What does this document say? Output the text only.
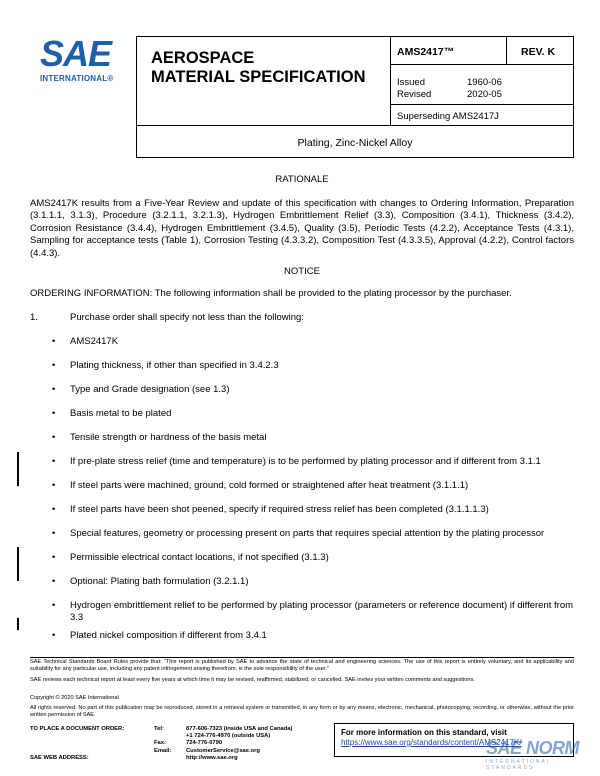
SAE
INTERNATIONAL®
AEROSPACE
MATERIAL SPECIFICATION
AMS2417™	REV. K
Issued	1960-06
Revised	2020-05
Superseding AMS2417J
Plating, Zinc-Nickel Alloy
RATIONALE
AMS2417K results from a Five-Year Review and update of this specification with changes to Ordering Information, Preparation (3.1.1.1, 3.1.3), Procedure (3.2.1.1, 3.2.1.3), Hydrogen Embrittlement Relief (3.3), Composition (3.4.1), Thickness (3.4.2), Corrosion Resistance (3.4.4), Hydrogen Embrittlement (3.4.5), Quality (3.5), Periodic Tests (4.2.2), Acceptance Tests (4.3.1), Sampling for acceptance tests (Table 1), Corrosion Testing (4.3.3.2), Composition Test (4.3.3.5), Approval (4.2.2), Control factors (4.4.3).
NOTICE
ORDERING INFORMATION: The following information shall be provided to the plating processor by the purchaser.
1.	Purchase order shall specify not less than the following:
• AMS2417K
• Plating thickness, if other than specified in 3.4.2.3
• Type and Grade designation (see 1.3)
• Basis metal to be plated
• Tensile strength or hardness of the basis metal
• If pre-plate stress relief (time and temperature) is to be performed by plating processor and if different from 3.1.1
• If steel parts were machined, ground, cold formed or straightened after heat treatment (3.1.1.1)
• If steel parts have been shot peened, specify if required stress relief has been completed (3.1.1.1.3)
• Special features, geometry or processing present on parts that requires special attention by the plating processor
• Permissible electrical contact locations, if not specified (3.1.3)
• Optional: Plating bath formulation (3.2.1.1)
• Hydrogen embrittlement relief to be performed by plating processor (parameters or reference document) if different from 3.3
• Plated nickel composition if different from 3.4.1
SAE Technical Standards Board Rules provide that: “This report is published by SAE to advance the state of technical and engineering sciences. The use of this report is entirely voluntary, and its applicability and suitability for any particular use, including any patent infringement arising therefrom, is the sole responsibility of the user.”
SAE reviews each technical report at least every five years at which time it may be revised, reaffirmed, stabilized, or cancelled. SAE invites your written comments and suggestions.
Copyright © 2020 SAE International
All rights reserved. No part of this publication may be reproduced, stored in a retrieval system or transmitted, in any form or by any means, electronic, mechanical, photocopying, recording, or otherwise, without the prior written permission of SAE.
TO PLACE A DOCUMENT ORDER:	Tel:	877-606-7323 (inside USA and Canada)
+1 724-776-4970 (outside USA)
Fax:	724-776-0790
Email:	CustomerService@sae.org
SAE WEB ADDRESS:	http://www.sae.org
For more information on this standard, visit
https://www.sae.org/standards/content/AMS2417K/
SAE NORM
INTERNATIONAL STANDARDS
